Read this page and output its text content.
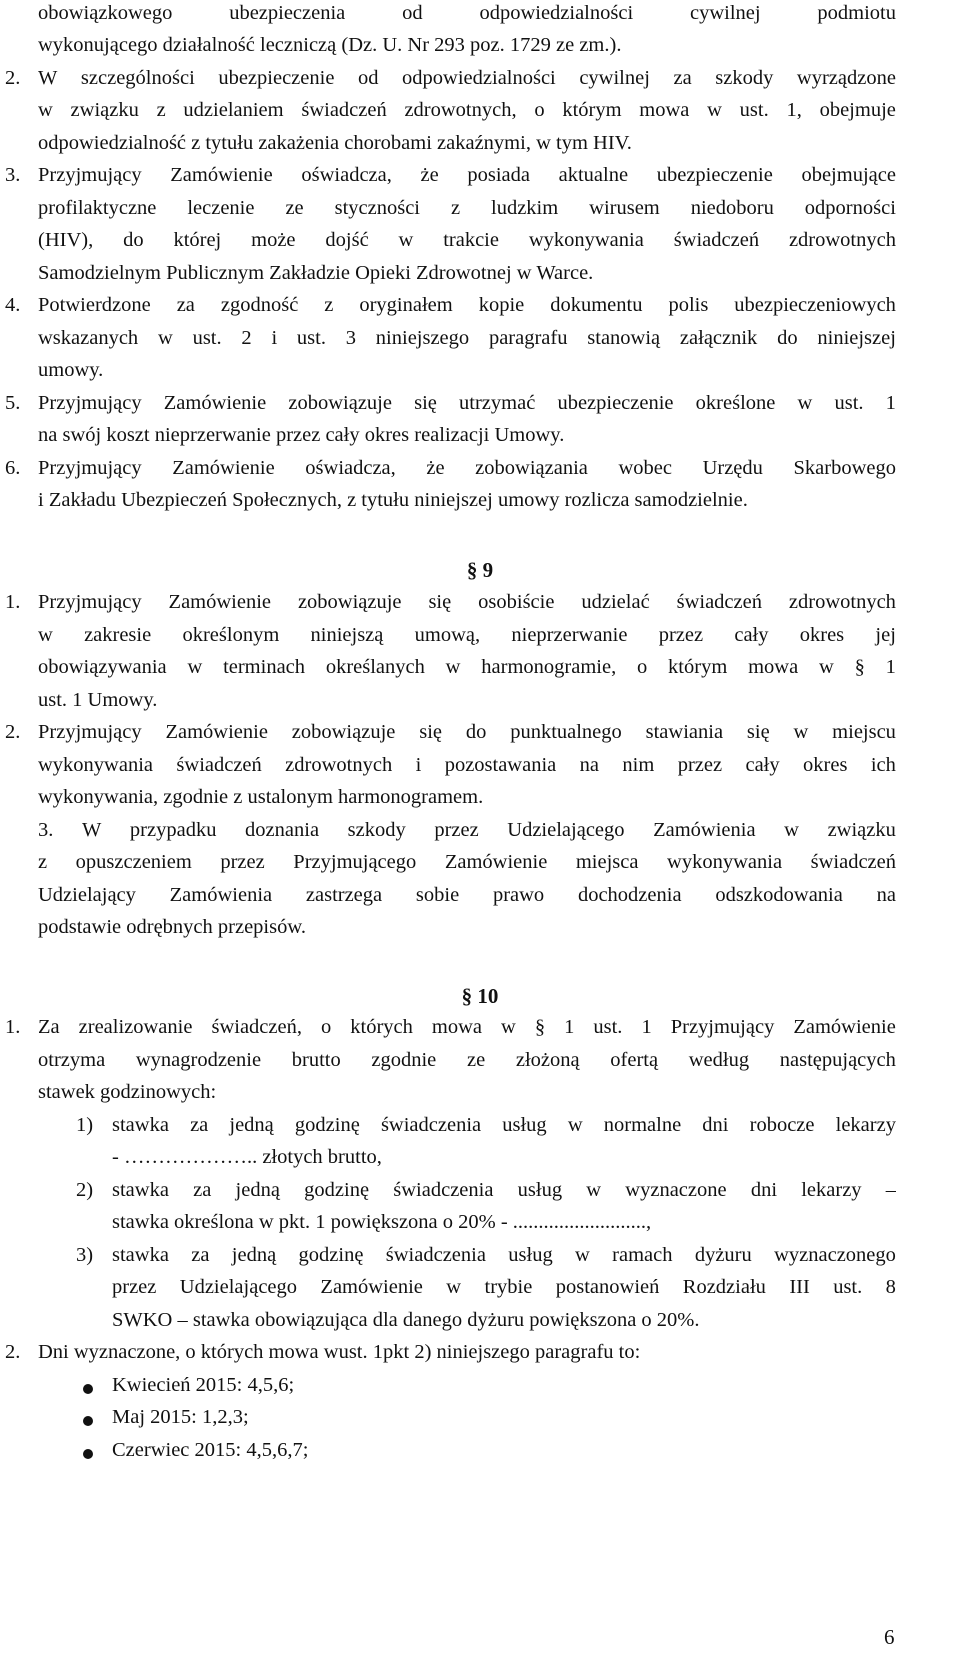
obowiązkowego	ubezpieczenia	od	odpowiedzialności	cywilnej	podmiotu
wykonującego działalność leczniczą (Dz. U. Nr 293 poz. 1729 ze zm.).
2. W szczególności ubezpieczenie od odpowiedzialności cywilnej za szkody wyrządzone
w związku z udzielaniem świadczeń zdrowotnych, o którym mowa w ust. 1, obejmuje
odpowiedzialność z tytułu zakażenia chorobami zakaźnymi, w tym HIV.
3. Przyjmujący Zamówienie oświadcza, że posiada aktualne ubezpieczenie obejmujące
profilaktyczne leczenie ze styczności z ludzkim wirusem niedoboru odporności
(HIV), do której może dojść w trakcie wykonywania świadczeń zdrowotnych
Samodzielnym Publicznym Zakładzie Opieki Zdrowotnej w Warce.
4. Potwierdzone za zgodność z oryginałem kopie dokumentu polis ubezpieczeniowych
wskazanych w ust. 2 i ust. 3 niniejszego paragrafu stanowią załącznik do niniejszej
umowy.
5. Przyjmujący Zamówienie zobowiązuje się utrzymać ubezpieczenie określone w ust. 1
na swój koszt nieprzerwanie przez cały okres realizacji Umowy.
6. Przyjmujący Zamówienie oświadcza, że zobowiązania wobec Urzędu Skarbowego
i Zakładu Ubezpieczeń Społecznych, z tytułu niniejszej umowy rozlicza samodzielnie.
§ 9
1. Przyjmujący Zamówienie zobowiązuje się osobiście udzielać świadczeń zdrowotnych
w zakresie określonym niniejszą umową, nieprzerwanie przez cały okres jej
obowiązywania w terminach określanych w harmonogramie, o którym mowa w § 1
ust. 1 Umowy.
2. Przyjmujący Zamówienie zobowiązuje się do punktualnego stawiania się w miejscu
wykonywania świadczeń zdrowotnych i pozostawania na nim przez cały okres ich
wykonywania, zgodnie z ustalonym harmonogramem.
3. W przypadku doznania szkody przez Udzielającego Zamówienia w związku
z opuszczeniem przez Przyjmującego Zamówienie miejsca wykonywania świadczeń
Udzielający Zamówienia zastrzega sobie prawo dochodzenia odszkodowania na
podstawie odrębnych przepisów.
§ 10
1. Za zrealizowanie świadczeń, o których mowa w § 1 ust. 1 Przyjmujący Zamówienie
otrzyma wynagrodzenie brutto zgodnie ze złożoną ofertą według następujących
stawek godzinowych:
1) stawka za jedną godzinę świadczenia usług w normalne dni robocze lekarzy
- ……………….. złotych brutto,
2) stawka za jedną godzinę świadczenia usług w wyznaczone dni lekarzy –
stawka określona w pkt. 1 powiększona o 20% - ..........................,
3) stawka za jedną godzinę świadczenia usług w ramach dyżuru wyznaczonego
przez Udzielającego Zamówienie w trybie postanowień Rozdziału III ust. 8
SWKO – stawka obowiązująca dla danego dyżuru powiększona o 20%.
2. Dni wyznaczone, o których mowa wust. 1pkt 2) niniejszego paragrafu to:
Kwiecień 2015: 4,5,6;
Maj 2015: 1,2,3;
Czerwiec 2015: 4,5,6,7;
6
